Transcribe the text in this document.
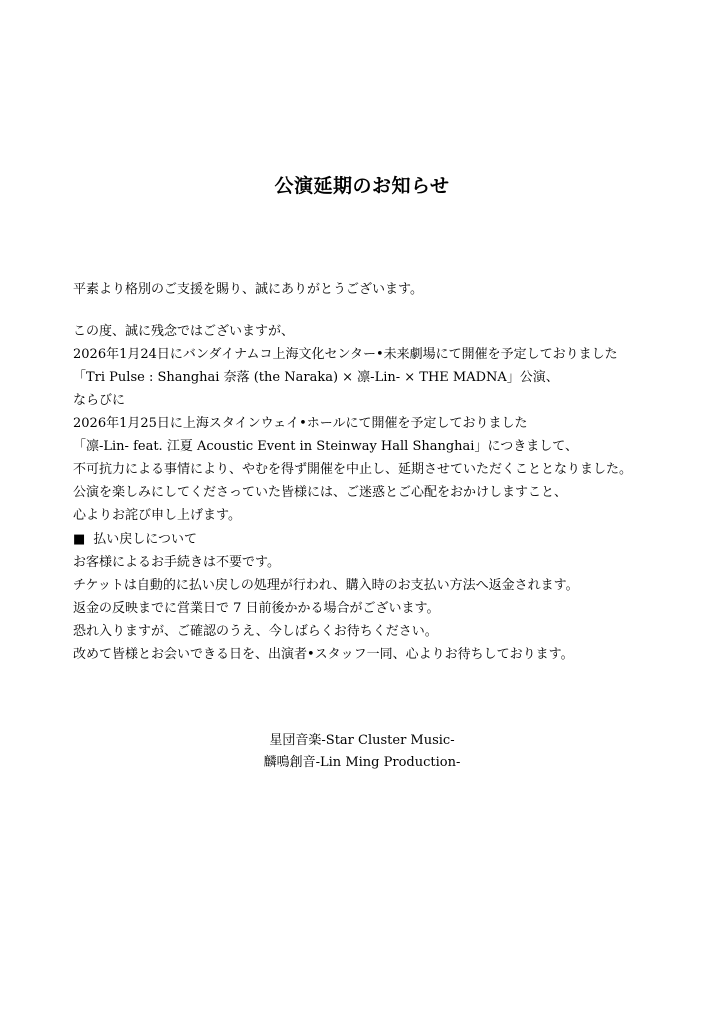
公演延期のお知らせ

平素より格別のご支援を賜り、誠にありがとうございます。

この度、誠に残念ではございますが、

2026年1月24日にバンダイナムコ上海文化センター•未来劇場にて開催を予定しておりました

「Tri Pulse : Shanghai 奈落 (the Naraka) × 凛-Lin- × THE MADNA」公演、

ならびに

2026年1月25日に上海スタインウェイ•ホールにて開催を予定しておりました

「凛-Lin- feat. 江夏 Acoustic Event in Steinway Hall Shanghai」につきまして、

不可抗力による事情により、やむを得ず開催を中止し、延期させていただくこととなりました。

公演を楽しみにしてくださっていた皆様には、ご迷惑とご心配をおかけしますこと、

心よりお詫び申し上げます。

■ 払い戻しについて

お客様によるお手続きは不要です。

チケットは自動的に払い戻しの処理が行われ、購入時のお支払い方法へ返金されます。

返金の反映までに営業日で 7 日前後かかる場合がございます。

恐れ入りますが、ご確認のうえ、今しばらくお待ちください。

改めて皆様とお会いできる日を、出演者•スタッフ一同、心よりお待ちしております。

星団音楽-Star Cluster Music-

麟鳴創音-Lin Ming Production-
